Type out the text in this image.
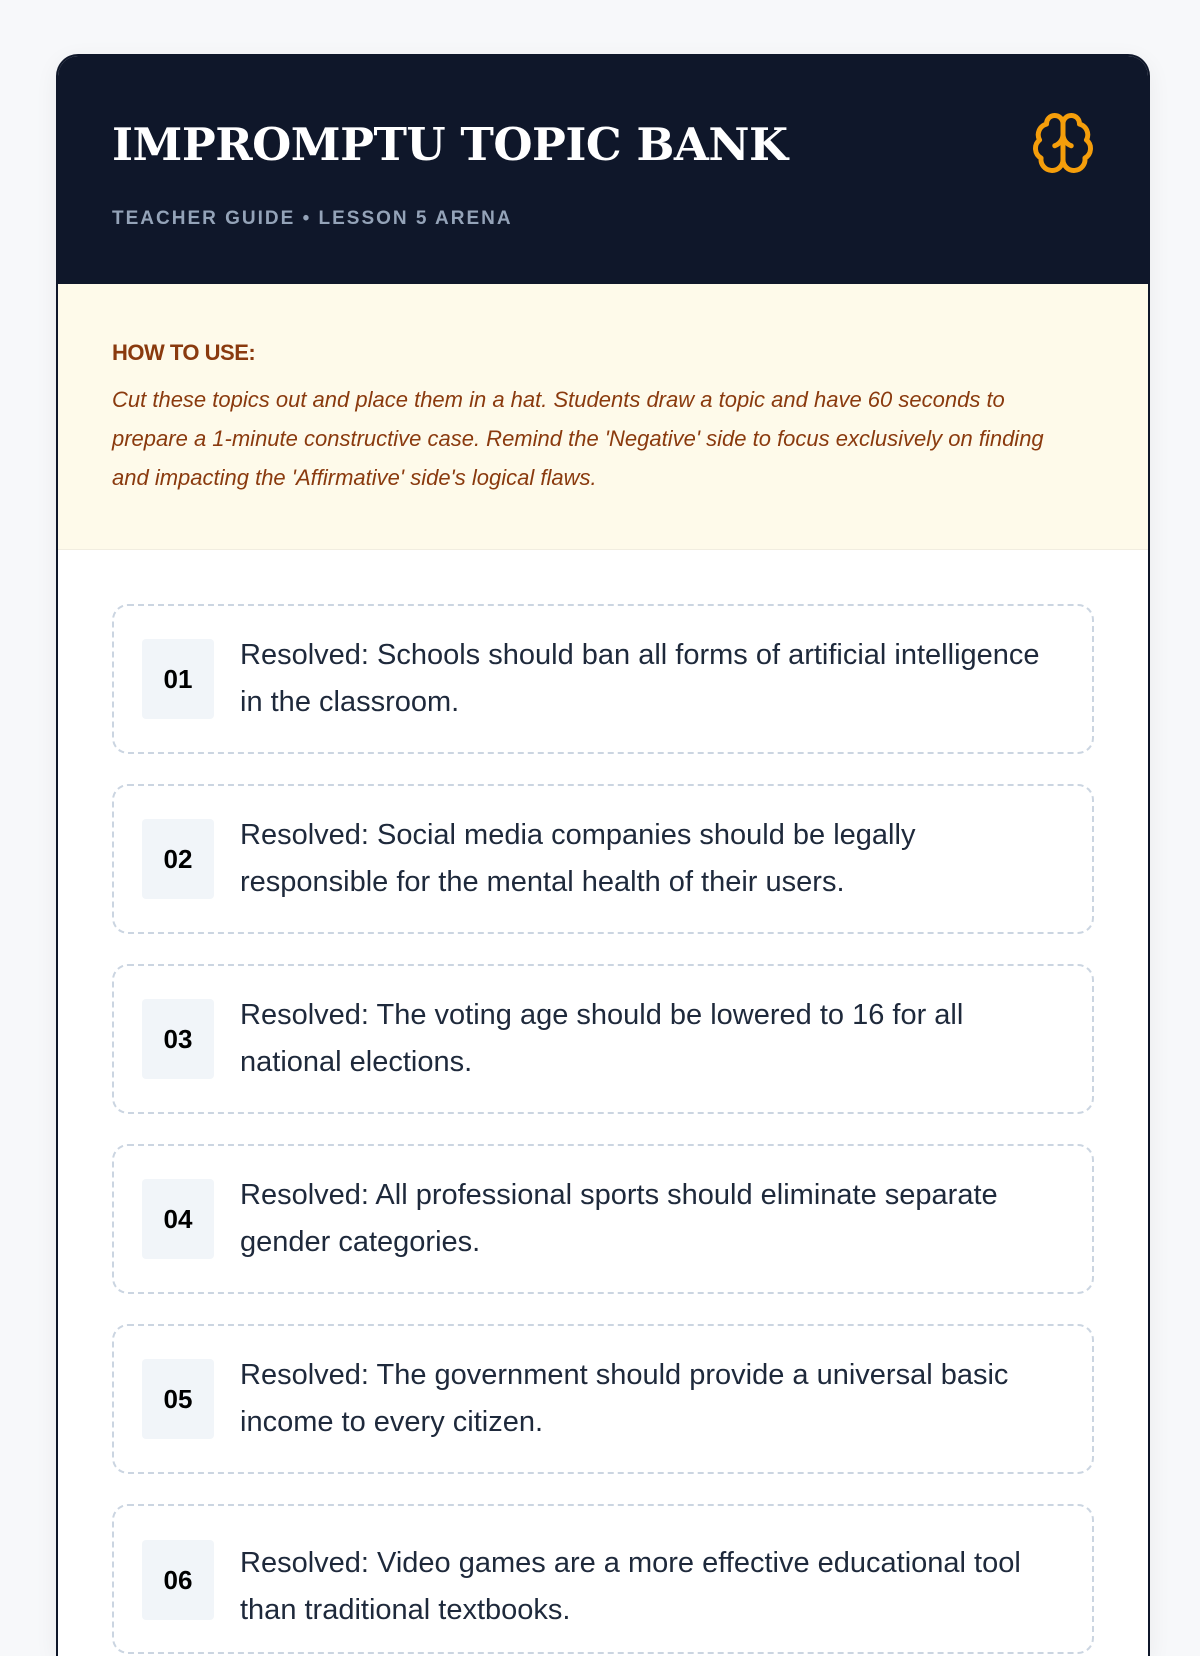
IMPROMPTU TOPIC BANK
TEACHER GUIDE • LESSON 5 ARENA
HOW TO USE:
Cut these topics out and place them in a hat. Students draw a topic and have 60 seconds to prepare a 1-minute constructive case. Remind the 'Negative' side to focus exclusively on finding and impacting the 'Affirmative' side's logical flaws.
01
Resolved: Schools should ban all forms of artificial intelligence in the classroom.
02
Resolved: Social media companies should be legally responsible for the mental health of their users.
03
Resolved: The voting age should be lowered to 16 for all national elections.
04
Resolved: All professional sports should eliminate separate gender categories.
05
Resolved: The government should provide a universal basic income to every citizen.
06
Resolved: Video games are a more effective educational tool than traditional textbooks.
